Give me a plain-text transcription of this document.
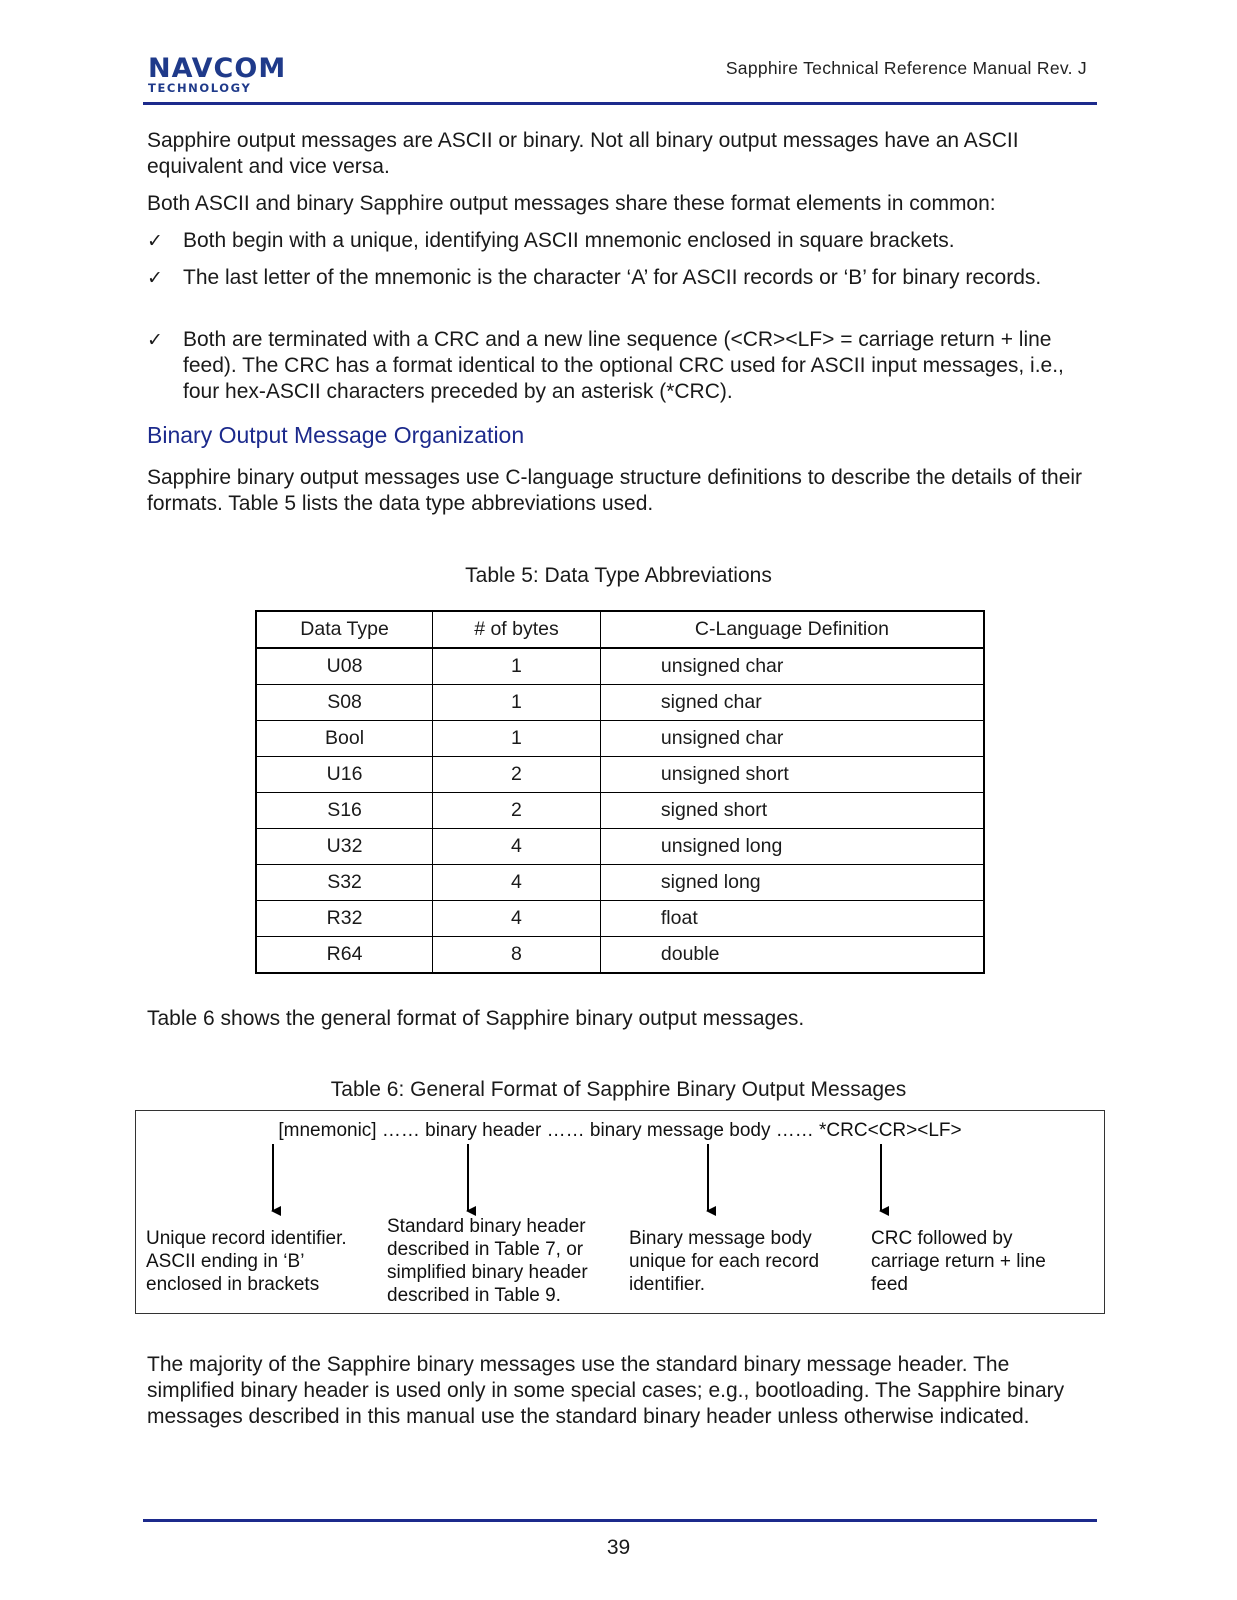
NAVCOM
TECHNOLOGY
Sapphire Technical Reference Manual Rev. J
Sapphire output messages are ASCII or binary. Not all binary output messages have an ASCII equivalent and vice versa.
Both ASCII and binary Sapphire output messages share these format elements in common:
✓ Both begin with a unique, identifying ASCII mnemonic enclosed in square brackets.
✓ The last letter of the mnemonic is the character ‘A’ for ASCII records or ‘B’ for binary records.
✓ Both are terminated with a CRC and a new line sequence (<CR><LF> = carriage return + line feed). The CRC has a format identical to the optional CRC used for ASCII input messages, i.e., four hex-ASCII characters preceded by an asterisk (*CRC).
Binary Output Message Organization
Sapphire binary output messages use C-language structure definitions to describe the details of their formats. Table 5 lists the data type abbreviations used.
Table 5: Data Type Abbreviations
Data Type	# of bytes	C-Language Definition
U08	1	unsigned char
S08	1	signed char
Bool	1	unsigned char
U16	2	unsigned short
S16	2	signed short
U32	4	unsigned long
S32	4	signed long
R32	4	float
R64	8	double
Table 6 shows the general format of Sapphire binary output messages.
Table 6: General Format of Sapphire Binary Output Messages
[mnemonic] …… binary header …… binary message body …… *CRC<CR><LF>
Unique record identifier. ASCII ending in ‘B’ enclosed in brackets
Standard binary header described in Table 7, or simplified binary header described in Table 9.
Binary message body unique for each record identifier.
CRC followed by carriage return + line feed
The majority of the Sapphire binary messages use the standard binary message header. The simplified binary header is used only in some special cases; e.g., bootloading. The Sapphire binary messages described in this manual use the standard binary header unless otherwise indicated.
39
